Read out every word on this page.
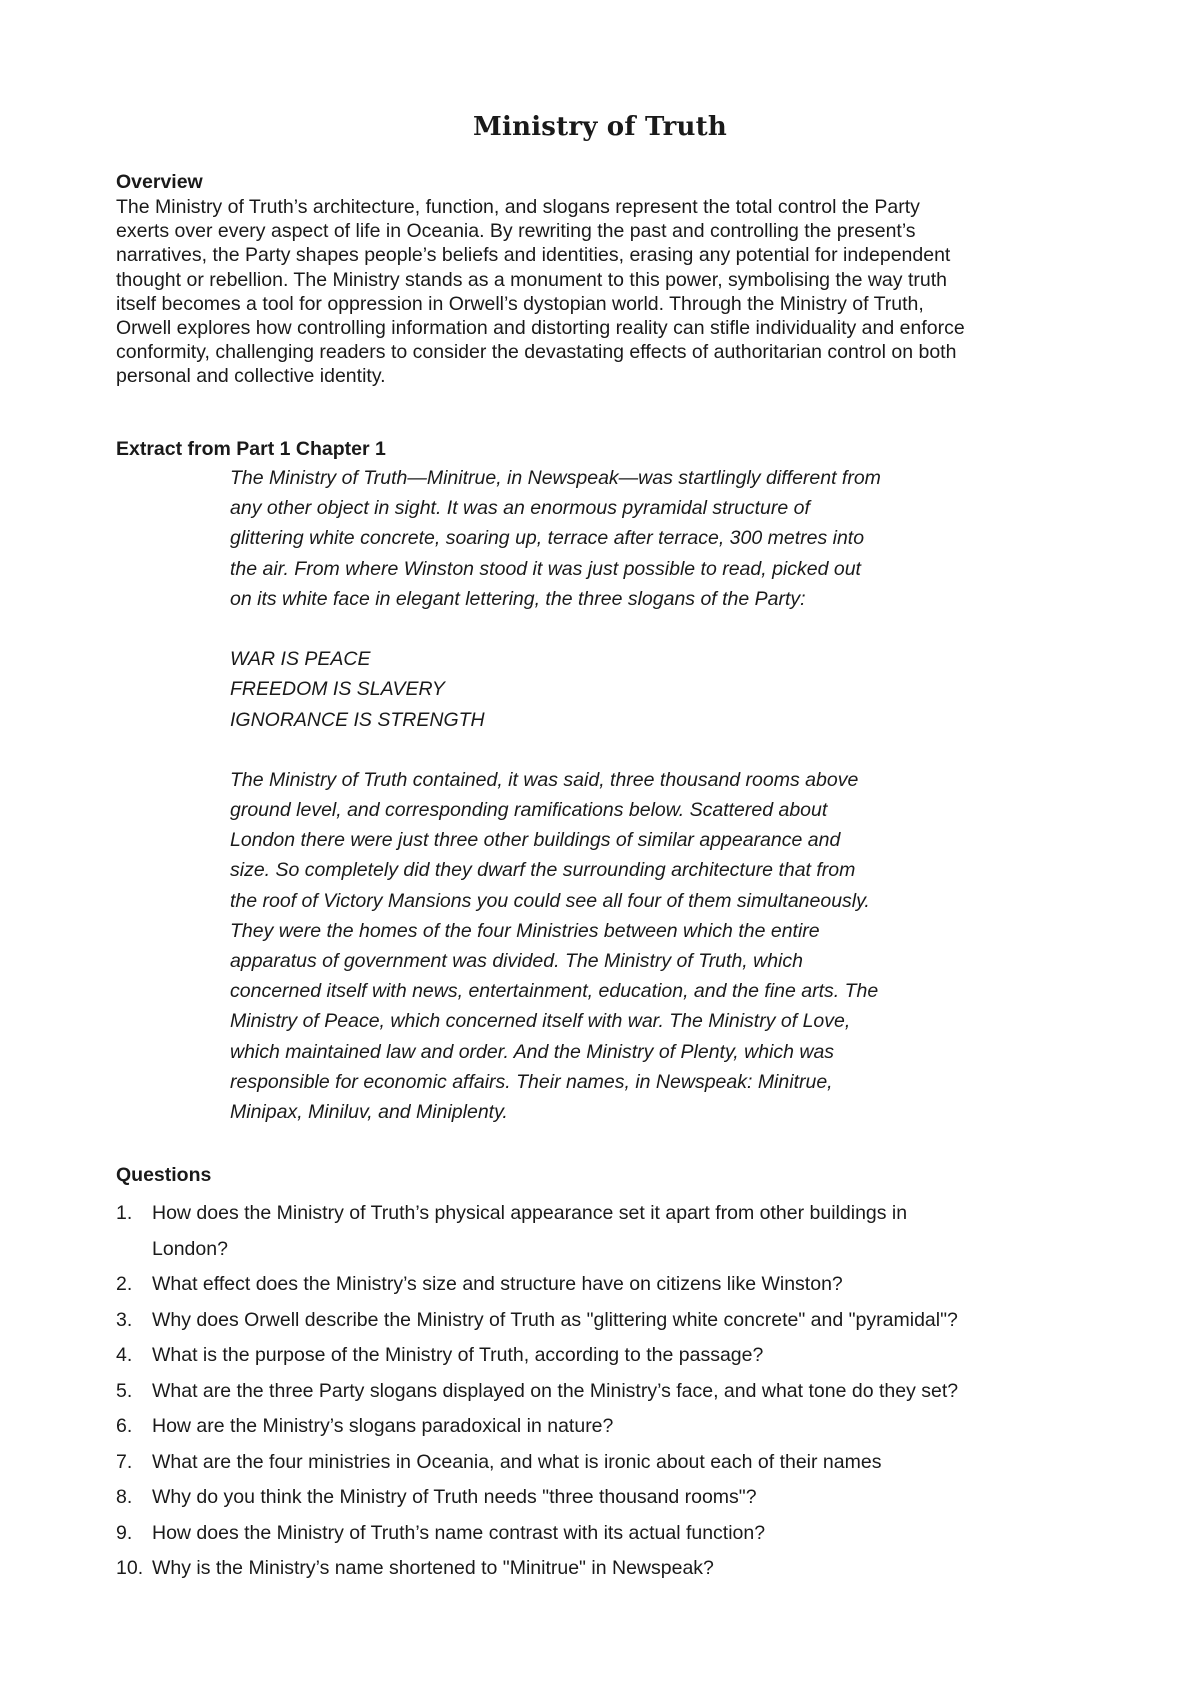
Ministry of Truth
Overview

The Ministry of Truth’s architecture, function, and slogans represent the total control the Party
exerts over every aspect of life in Oceania. By rewriting the past and controlling the present’s
narratives, the Party shapes people’s beliefs and identities, erasing any potential for independent
thought or rebellion. The Ministry stands as a monument to this power, symbolising the way truth
itself becomes a tool for oppression in Orwell’s dystopian world. Through the Ministry of Truth,
Orwell explores how controlling information and distorting reality can stifle individuality and enforce
conformity, challenging readers to consider the devastating effects of authoritarian control on both
personal and collective identity.

Extract from Part 1 Chapter 1
The Ministry of Truth—Minitrue, in Newspeak—was startlingly different from
any other object in sight. It was an enormous pyramidal structure of
glittering white concrete, soaring up, terrace after terrace, 300 metres into
the air. From where Winston stood it was just possible to read, picked out
on its white face in elegant lettering, the three slogans of the Party:
WAR IS PEACE
FREEDOM IS SLAVERY
IGNORANCE IS STRENGTH
The Ministry of Truth contained, it was said, three thousand rooms above
ground level, and corresponding ramifications below. Scattered about
London there were just three other buildings of similar appearance and
size. So completely did they dwarf the surrounding architecture that from
the roof of Victory Mansions you could see all four of them simultaneously.
They were the homes of the four Ministries between which the entire
apparatus of government was divided. The Ministry of Truth, which
concerned itself with news, entertainment, education, and the fine arts. The
Ministry of Peace, which concerned itself with war. The Ministry of Love,
which maintained law and order. And the Ministry of Plenty, which was
responsible for economic affairs. Their names, in Newspeak: Minitrue,
Minipax, Miniluv, and Miniplenty.
Questions
1. How does the Ministry of Truth’s physical appearance set it apart from other buildings in
London?
2. What effect does the Ministry’s size and structure have on citizens like Winston?
3. Why does Orwell describe the Ministry of Truth as "glittering white concrete" and "pyramidal"?
4. What is the purpose of the Ministry of Truth, according to the passage?
5. What are the three Party slogans displayed on the Ministry’s face, and what tone do they set?
6. How are the Ministry’s slogans paradoxical in nature?
7. What are the four ministries in Oceania, and what is ironic about each of their names
8. Why do you think the Ministry of Truth needs "three thousand rooms"?
9. How does the Ministry of Truth’s name contrast with its actual function?
10. Why is the Ministry’s name shortened to "Minitrue" in Newspeak?
